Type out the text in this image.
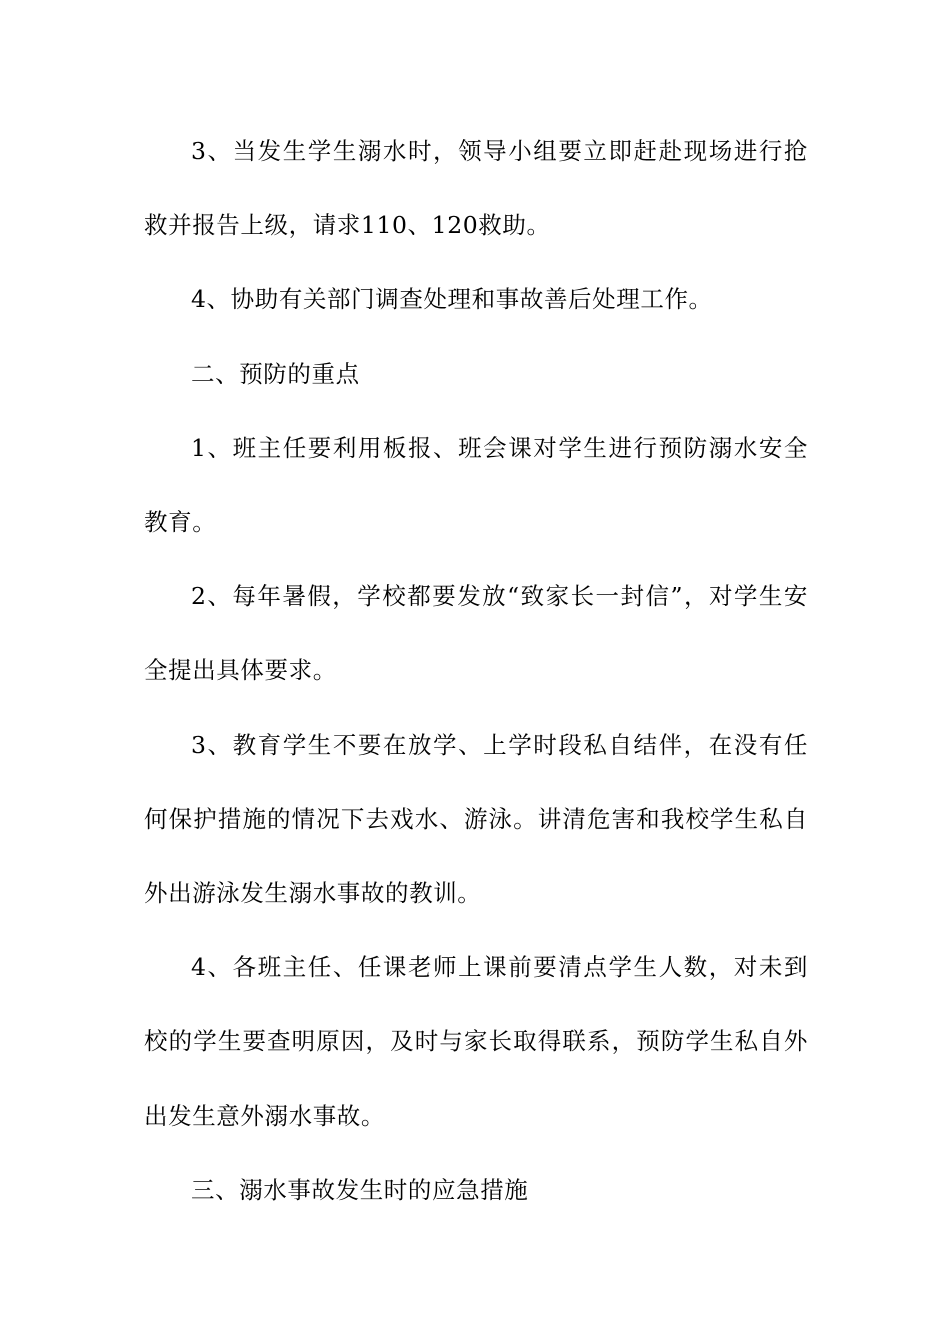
3、当发生学生溺水时，领导小组要立即赶赴现场进行抢救并报告上级，请求110、120救助。

4、协助有关部门调查处理和事故善后处理工作。

二、预防的重点

1、班主任要利用板报、班会课对学生进行预防溺水安全教育。

2、每年暑假，学校都要发放“致家长一封信”，对学生安全提出具体要求。

3、教育学生不要在放学、上学时段私自结伴，在没有任何保护措施的情况下去戏水、游泳。讲清危害和我校学生私自外出游泳发生溺水事故的教训。

4、各班主任、任课老师上课前要清点学生人数，对未到校的学生要查明原因，及时与家长取得联系，预防学生私自外出发生意外溺水事故。

三、溺水事故发生时的应急措施
